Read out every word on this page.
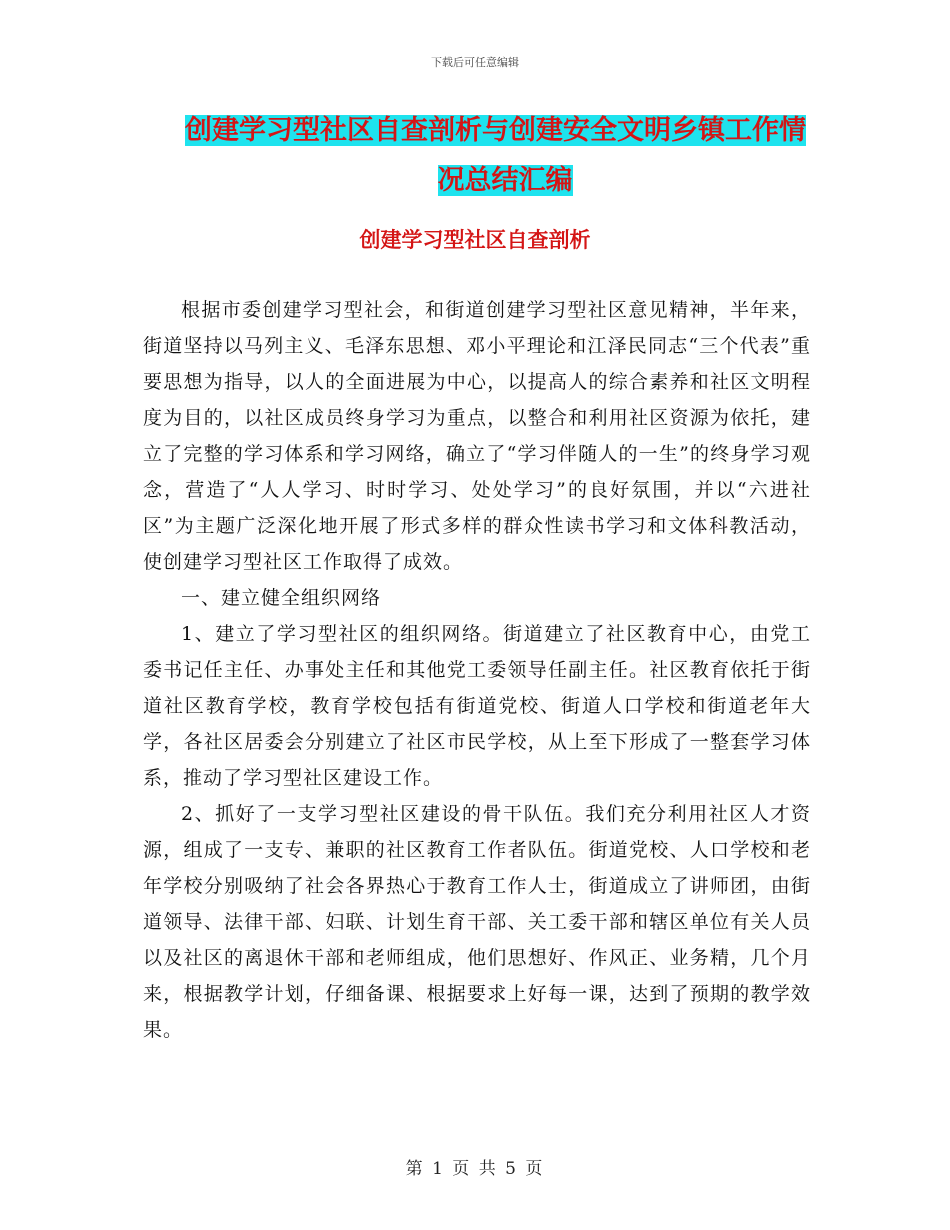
下载后可任意编辑
创建学习型社区自查剖析与创建安全文明乡镇工作情
况总结汇编
创建学习型社区自查剖析

根据市委创建学习型社会，和街道创建学习型社区意见精神，半年来，街道坚持以马列主义、毛泽东思想、邓小平理论和江泽民同志“三个代表”重要思想为指导，以人的全面进展为中心，以提高人的综合素养和社区文明程度为目的，以社区成员终身学习为重点，以整合和利用社区资源为依托，建立了完整的学习体系和学习网络，确立了“学习伴随人的一生”的终身学习观念，营造了“人人学习、时时学习、处处学习”的良好氛围，并以“六进社区”为主题广泛深化地开展了形式多样的群众性读书学习和文体科教活动，使创建学习型社区工作取得了成效。

一、建立健全组织网络

1、建立了学习型社区的组织网络。街道建立了社区教育中心，由党工委书记任主任、办事处主任和其他党工委领导任副主任。社区教育依托于街道社区教育学校，教育学校包括有街道党校、街道人口学校和街道老年大学，各社区居委会分别建立了社区市民学校，从上至下形成了一整套学习体系，推动了学习型社区建设工作。

2、抓好了一支学习型社区建设的骨干队伍。我们充分利用社区人才资源，组成了一支专、兼职的社区教育工作者队伍。街道党校、人口学校和老年学校分别吸纳了社会各界热心于教育工作人士，街道成立了讲师团，由街道领导、法律干部、妇联、计划生育干部、关工委干部和辖区单位有关人员以及社区的离退休干部和老师组成，他们思想好、作风正、业务精，几个月来，根据教学计划，仔细备课、根据要求上好每一课，达到了预期的教学效果。

第 1 页 共 5 页
